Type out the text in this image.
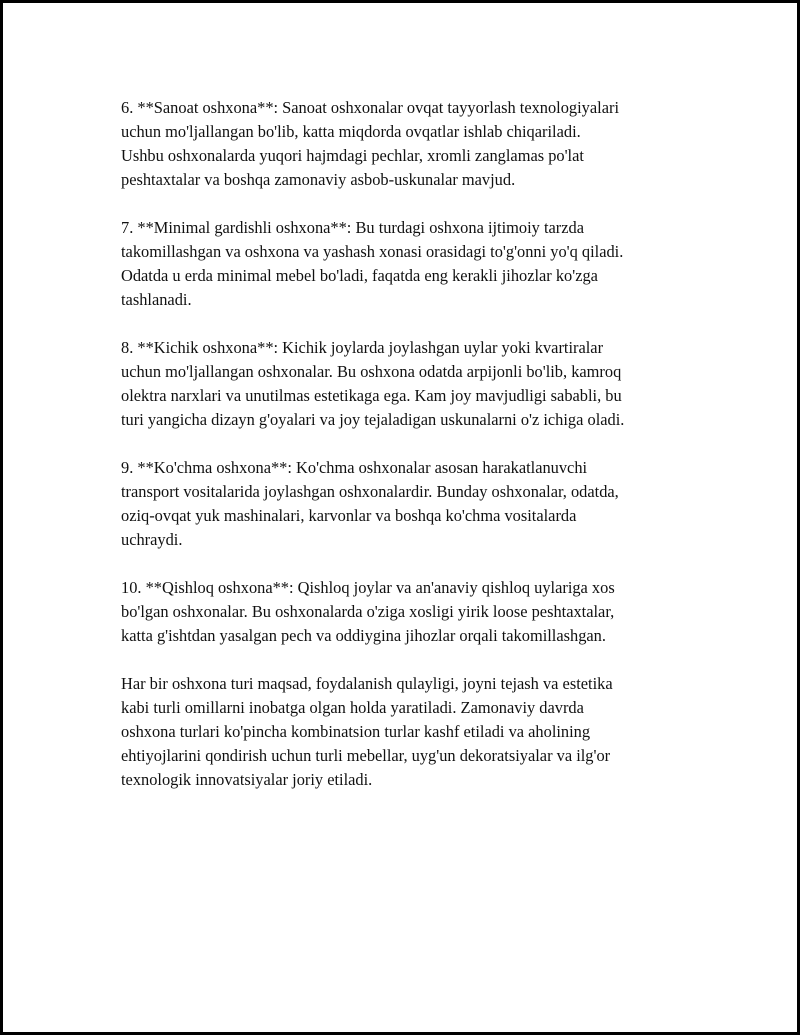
6. **Sanoat oshxona**: Sanoat oshxonalar ovqat tayyorlash texnologiyalari
uchun mo'ljallangan bo'lib, katta miqdorda ovqatlar ishlab chiqariladi.
Ushbu oshxonalarda yuqori hajmdagi pechlar, xromli zanglamas po'lat
peshtaxtalar va boshqa zamonaviy asbob-uskunalar mavjud.

7. **Minimal gardishli oshxona**: Bu turdagi oshxona ijtimoiy tarzda
takomillashgan va oshxona va yashash xonasi orasidagi to'g'onni yo'q qiladi.
Odatda u erda minimal mebel bo'ladi, faqatda eng kerakli jihozlar ko'zga
tashlanadi.

8. **Kichik oshxona**: Kichik joylarda joylashgan uylar yoki kvartiralar
uchun mo'ljallangan oshxonalar. Bu oshxona odatda arpijonli bo'lib, kamroq
olektra narxlari va unutilmas estetikaga ega. Kam joy mavjudligi sababli, bu
turi yangicha dizayn g'oyalari va joy tejaladigan uskunalarni o'z ichiga oladi.

9. **Ko'chma oshxona**: Ko'chma oshxonalar asosan harakatlanuvchi
transport vositalarida joylashgan oshxonalardir. Bunday oshxonalar, odatda,
oziq-ovqat yuk mashinalari, karvonlar va boshqa ko'chma vositalarda
uchraydi.

10. **Qishloq oshxona**: Qishloq joylar va an'anaviy qishloq uylariga xos
bo'lgan oshxonalar. Bu oshxonalarda o'ziga xosligi yirik loose peshtaxtalar,
katta g'ishtdan yasalgan pech va oddiygina jihozlar orqali takomillashgan.

Har bir oshxona turi maqsad, foydalanish qulayligi, joyni tejash va estetika
kabi turli omillarni inobatga olgan holda yaratiladi. Zamonaviy davrda
oshxona turlari ko'pincha kombinatsion turlar kashf etiladi va aholining
ehtiyojlarini qondirish uchun turli mebellar, uyg'un dekoratsiyalar va ilg'or
texnologik innovatsiyalar joriy etiladi.
